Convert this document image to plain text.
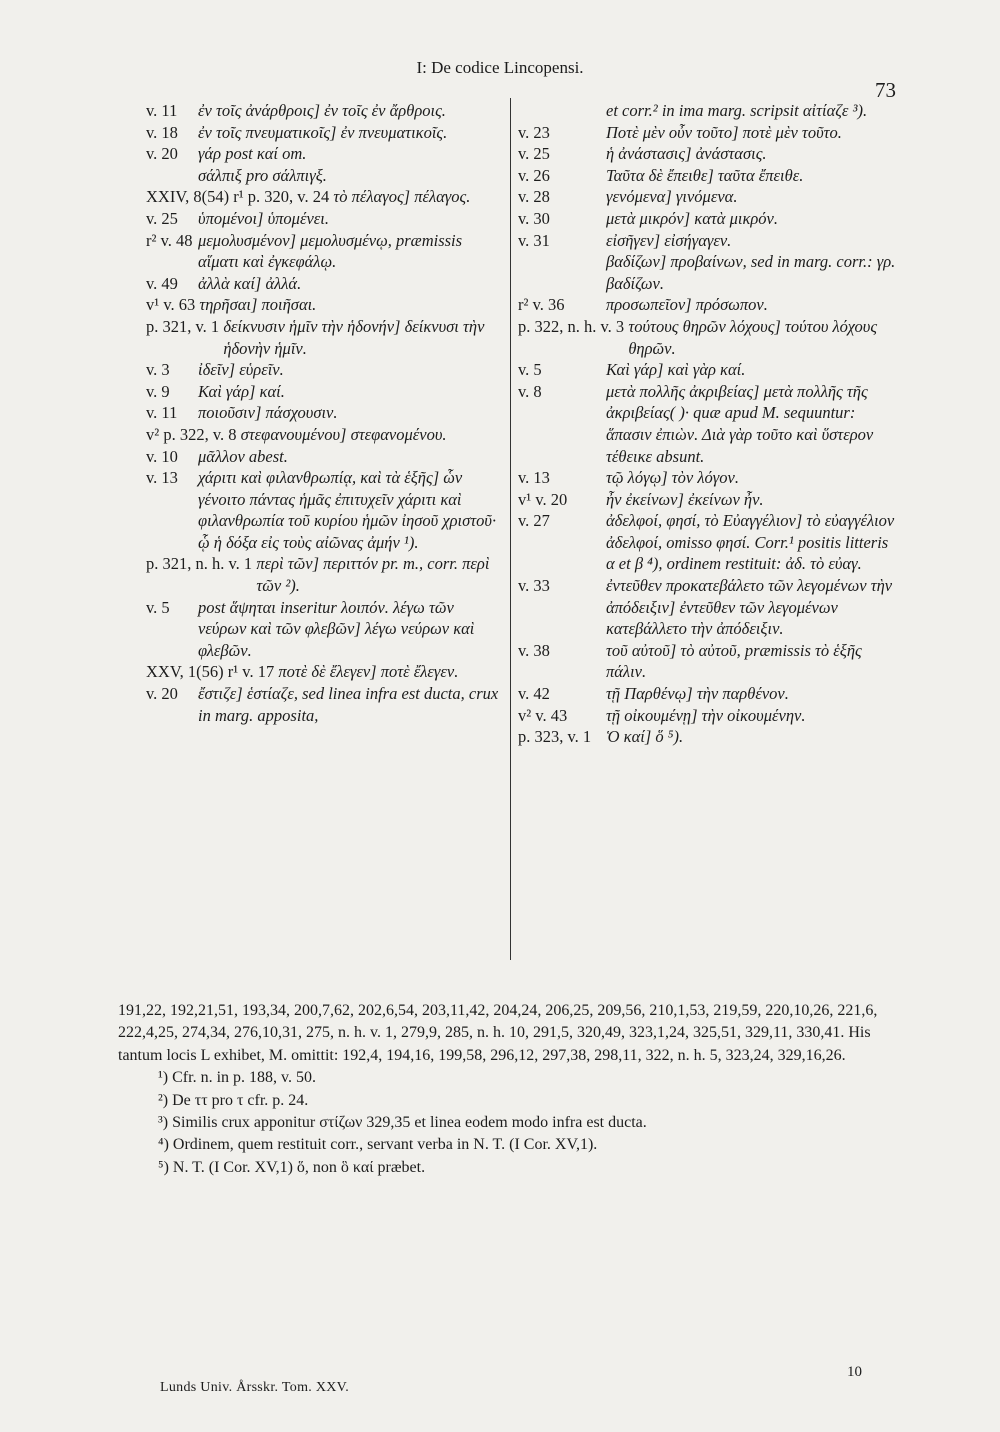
I: De codice Lincopensi.
73
v. 11	ἐν τοῖς ἀνάρθροις] ἐν τοῖς ἐν ἄρθροις.
v. 18 ἐν τοῖς πνευματικοῖς] ἐν πνευματικοῖς.
v. 20 γάρ post καί om.
σάλπιξ pro σάλπιγξ.
XXIV, 8(54) r¹ p. 320, v. 24 τὸ πέλαγος] πέλαγος.
v. 25 ὑπομένοι] ὑπομένει.
r² v. 48 μεμολυσμένον] μεμολυσμένῳ, præmissis αἵματι καὶ ἐγκεφάλῳ.
v. 49 ἀλλὰ καί] ἀλλά.
v¹ v. 63 τηρῆσαι] ποιῆσαι.
p. 321, v. 1 δείκνυσιν ἡμῖν τὴν ἡδονήν] δείκνυσι τὴν ἡδονὴν ἡμῖν.
v. 3	ἰδεῖν] εὑρεῖν.
v. 9	Καὶ γάρ] καί.
v. 11	ποιοῦσιν] πάσχουσιν.
v² p. 322, v. 8 στεφανουμένου] στεφανομένου.
v. 10 μᾶλλον abest.
v. 13 χάριτι καὶ φιλανθρωπίᾳ, καὶ τὰ ἑξῆς] ὧν γένοιτο πάντας ἡμᾶς ἐπιτυχεῖν χάριτι καὶ φιλανθρωπία τοῦ κυρίου ἡμῶν ἰησοῦ χριστοῦ· ᾧ ἡ δόξα εἰς τοὺς αἰῶνας ἀμήν ¹).
p. 321, n. h. v. 1 περὶ τῶν] περιττόν pr. m., corr. περὶ τῶν ²).
v. 5	post ἅψηται inseritur λοιπόν. λέγω τῶν νεύρων καὶ τῶν φλεβῶν] λέγω νεύρων καὶ φλεβῶν.
XXV, 1(56) r¹ v. 17 ποτὲ δὲ ἔλεγεν] ποτὲ ἔλεγεν.
v. 20 ἔστιζε] ἑστίαζε, sed linea infra est ducta, crux in marg. apposita,
et corr.² in ima marg. scripsit αἰτίαζε ³).
v. 23	Ποτὲ μὲν οὖν τοῦτο] ποτὲ μὲν τοῦτο.
v. 25	ἡ ἀνάστασις] ἀνάστασις.
v. 26	Ταῦτα δὲ ἔπειθε] ταῦτα ἔπειθε.
v. 28	γενόμενα] γινόμενα.
v. 30	μετὰ μικρόν] κατὰ μικρόν.
v. 31	εἰσῆγεν] εἰσήγαγεν.
βαδίζων] προβαίνων, sed in marg. corr.: γρ. βαδίζων.
r² v. 36	προσωπεῖον] πρόσωπον.
p. 322, n. h. v. 3 τούτους θηρῶν λόχους] τούτου λόχους θηρῶν.
v. 5	Καὶ γάρ] καὶ γὰρ καί.
v. 8	μετὰ πολλῆς ἀκριβείας] μετὰ πολλῆς τῆς ἀκριβείας( )· quæ apud M. sequuntur: ἅπασιν ἐπιὼν. Διὰ γὰρ τοῦτο καὶ ὕστερον τέθεικε absunt.
v. 13	τῷ λόγῳ] τὸν λόγον.
v¹ v. 20	ἦν ἐκείνων] ἐκείνων ἦν.
v. 27	ἀδελφοί, φησί, τὸ Εὐαγγέλιον] τὸ εὐαγγέλιον ἀδελφοί, omisso φησί. Corr.¹ positis litteris α et β ⁴), ordinem restituit: ἀδ. τὸ εὐαγ.
v. 33	ἐντεῦθεν προκατεβάλετο τῶν λεγομένων τὴν ἀπόδειξιν] ἐντεῦθεν τῶν λεγομένων κατεβάλλετο τὴν ἀπόδειξιν.
v. 38	τοῦ αὐτοῦ] τὸ αὐτοῦ, præmissis τὸ ἑξῆς πάλιν.
v. 42	τῇ Παρθένῳ] τὴν παρθένον.
v² v. 43	τῇ οἰκουμένῃ] τὴν οἰκουμένην.
p. 323, v. 1 Ὁ καί] ὅ ⁵).

191,22, 192,21,51, 193,34, 200,7,62, 202,6,54, 203,11,42, 204,24, 206,25, 209,56, 210,1,53, 219,59, 220,10,26, 221,6, 222,4,25, 274,34, 276,10,31, 275, n. h. v. 1, 279,9, 285, n. h. 10, 291,5, 320,49, 323,1,24, 325,51, 329,11, 330,41. His tantum locis L exhibet, M. omittit: 192,4, 194,16, 199,58, 296,12, 297,38, 298,11, 322, n. h. 5, 323,24, 329,16,26.

¹) Cfr. n. in p. 188, v. 50.

²) De ττ pro τ cfr. p. 24.

³) Similis crux apponitur στίζων 329,35 et linea eodem modo infra est ducta.

⁴) Ordinem, quem restituit corr., servant verba in N. T. (I Cor. XV,1).

⁵) N. T. (I Cor. XV,1) ὅ, non ὃ καί præbet.

Lunds Univ. Årsskr. Tom. XXV.
10
